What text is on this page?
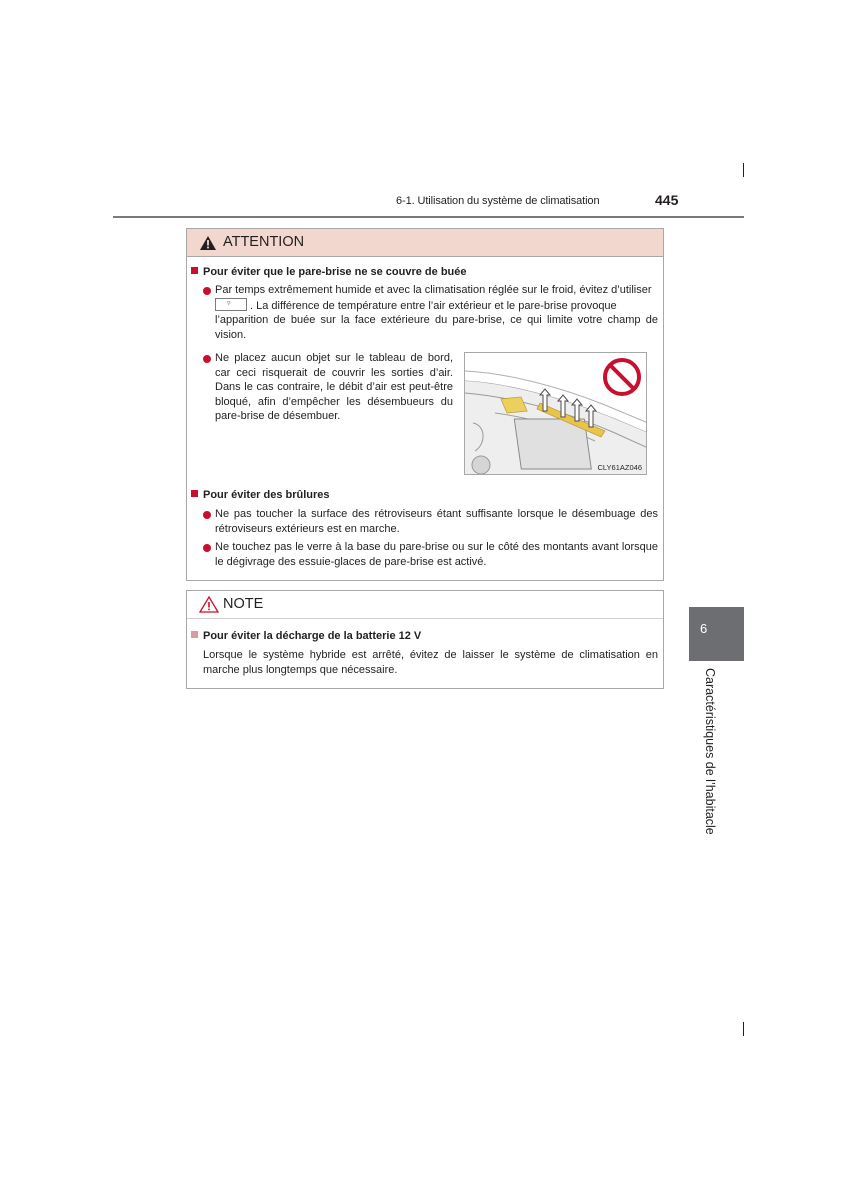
6-1. Utilisation du système de climatisation	445
ATTENTION
Pour éviter que le pare-brise ne se couvre de buée
Par temps extrêmement humide et avec la climatisation réglée sur le froid, évitez d’utiliser
▿ . La différence de température entre l’air extérieur et le pare-brise provoque
l’apparition de buée sur la face extérieure du pare-brise, ce qui limite votre champ de vision.
Ne placez aucun objet sur le tableau de bord, car ceci risquerait de couvrir les sorties d’air. Dans le cas contraire, le débit d’air est peut-être bloqué, afin d’empêcher les désembueurs du pare-brise de désembuer.
CLY61AZ046
Pour éviter des brûlures
Ne pas toucher la surface des rétroviseurs étant suffisante lorsque le désembuage des rétroviseurs extérieurs est en marche.
Ne touchez pas le verre à la base du pare-brise ou sur le côté des montants avant lorsque le dégivrage des essuie-glaces de pare-brise est activé.
NOTE
Pour éviter la décharge de la batterie 12 V
Lorsque le système hybride est arrêté, évitez de laisser le système de climatisation en marche plus longtemps que nécessaire.
6
Caractéristiques de l’habitacle
